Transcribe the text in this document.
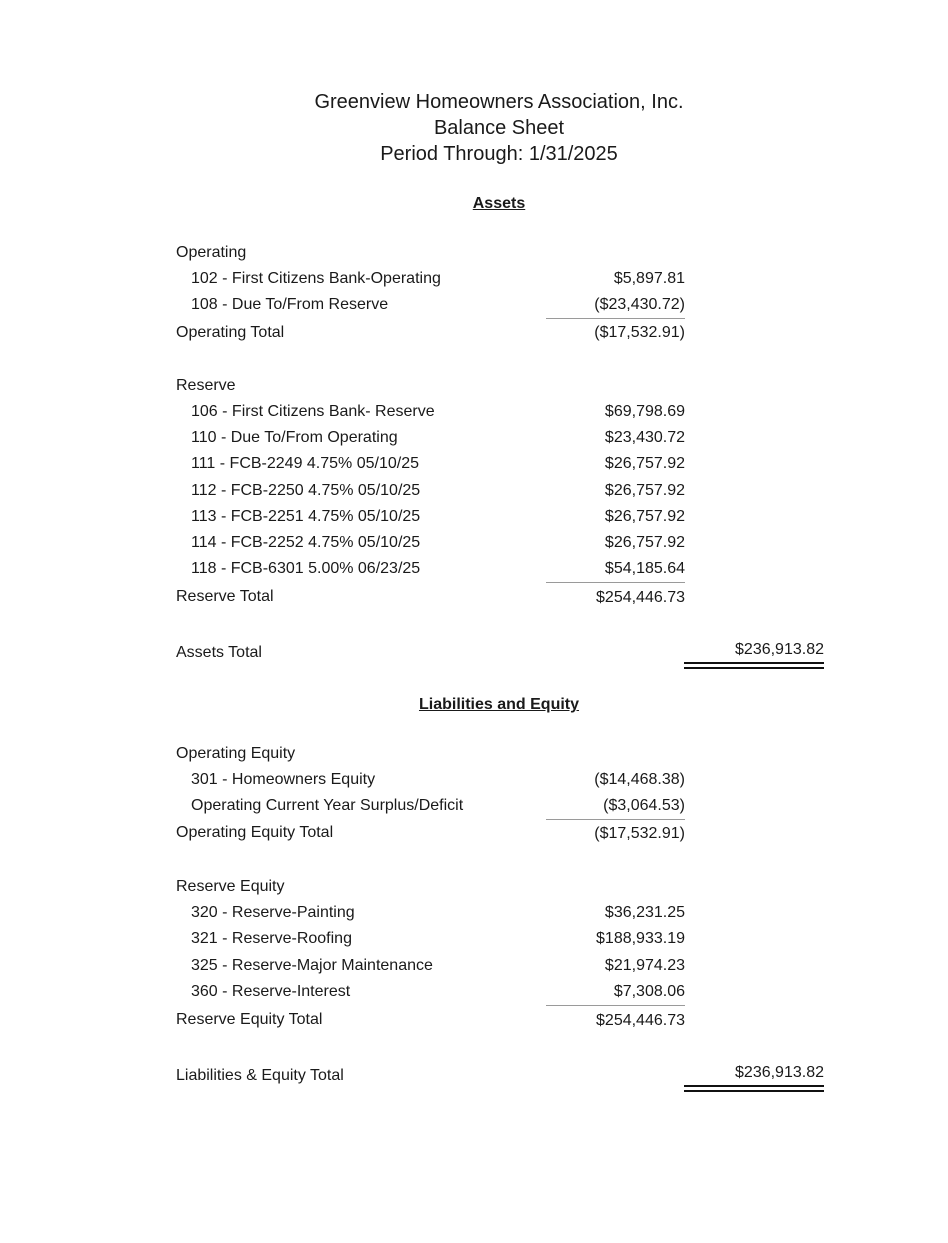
Greenview Homeowners Association, Inc.
Balance Sheet
Period Through: 1/31/2025
Assets
Operating
102 - First Citizens Bank-Operating	$5,897.81
108 - Due To/From Reserve	($23,430.72)
Operating Total	($17,532.91)
Reserve
106 - First Citizens Bank- Reserve	$69,798.69
110 - Due To/From Operating	$23,430.72
111 - FCB-2249 4.75% 05/10/25	$26,757.92
112 - FCB-2250 4.75% 05/10/25	$26,757.92
113 - FCB-2251 4.75% 05/10/25	$26,757.92
114 - FCB-2252 4.75% 05/10/25	$26,757.92
118 - FCB-6301 5.00% 06/23/25	$54,185.64
Reserve Total	$254,446.73
Assets Total	$236,913.82
Liabilities and Equity
Operating Equity
301 - Homeowners Equity	($14,468.38)
Operating Current Year Surplus/Deficit	($3,064.53)
Operating Equity Total	($17,532.91)
Reserve Equity
320 - Reserve-Painting	$36,231.25
321 - Reserve-Roofing	$188,933.19
325 - Reserve-Major Maintenance	$21,974.23
360 - Reserve-Interest	$7,308.06
Reserve Equity Total	$254,446.73
Liabilities & Equity Total	$236,913.82
